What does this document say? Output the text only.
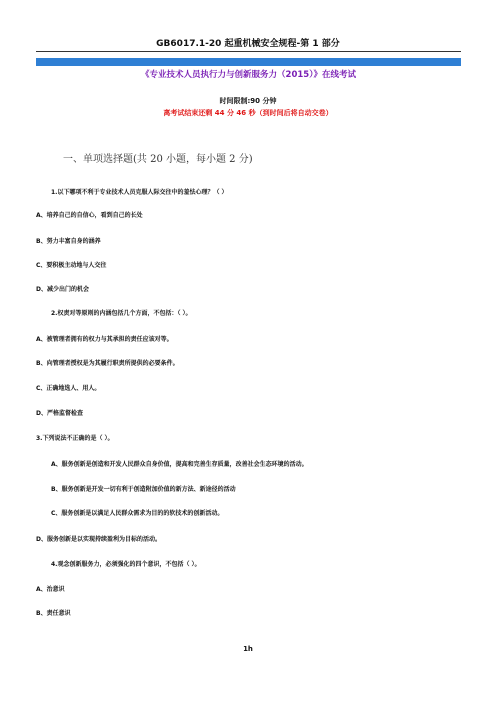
GB6017.1-20 起重机械安全规程-第 1 部分
《专业技术人员执行力与创新服务力（2015）》在线考试
时间限制:90 分钟
离考试结束还剩 44 分 46 秒（到时间后将自动交卷）
一、单项选择题(共 20 小题，每小题 2 分)
1.以下哪项不利于专业技术人员克服人际交往中的羞怯心理？（ ）
A、培养自己的自信心，看到自己的长处
B、努力丰富自身的涵养
C、要积极主动地与人交往
D、减少出门的机会
2.权责对等原则的内涵包括几个方面，不包括：（ ）。
A、被管理者拥有的权力与其承担的责任应该对等。
B、向管理者授权是为其履行职责所提供的必要条件。
C、正确地选人、用人。
D、严格监督检查
3.下列说法不正确的是（ ）。
A、服务创新是创造和开发人民群众自身价值，提高和完善生存质量，改善社会生态环境的活动。
B、服务创新是开发一切有利于创造附加价值的新方法、新途径的活动
C、服务创新是以满足人民群众需求为目的的软技术的创新活动。
D、服务创新是以实现持续盈利为目标的活动。
4.观念创新服务力，必须强化的四个意识，不包括（ ）。
A、治意识
B、责任意识
1h
